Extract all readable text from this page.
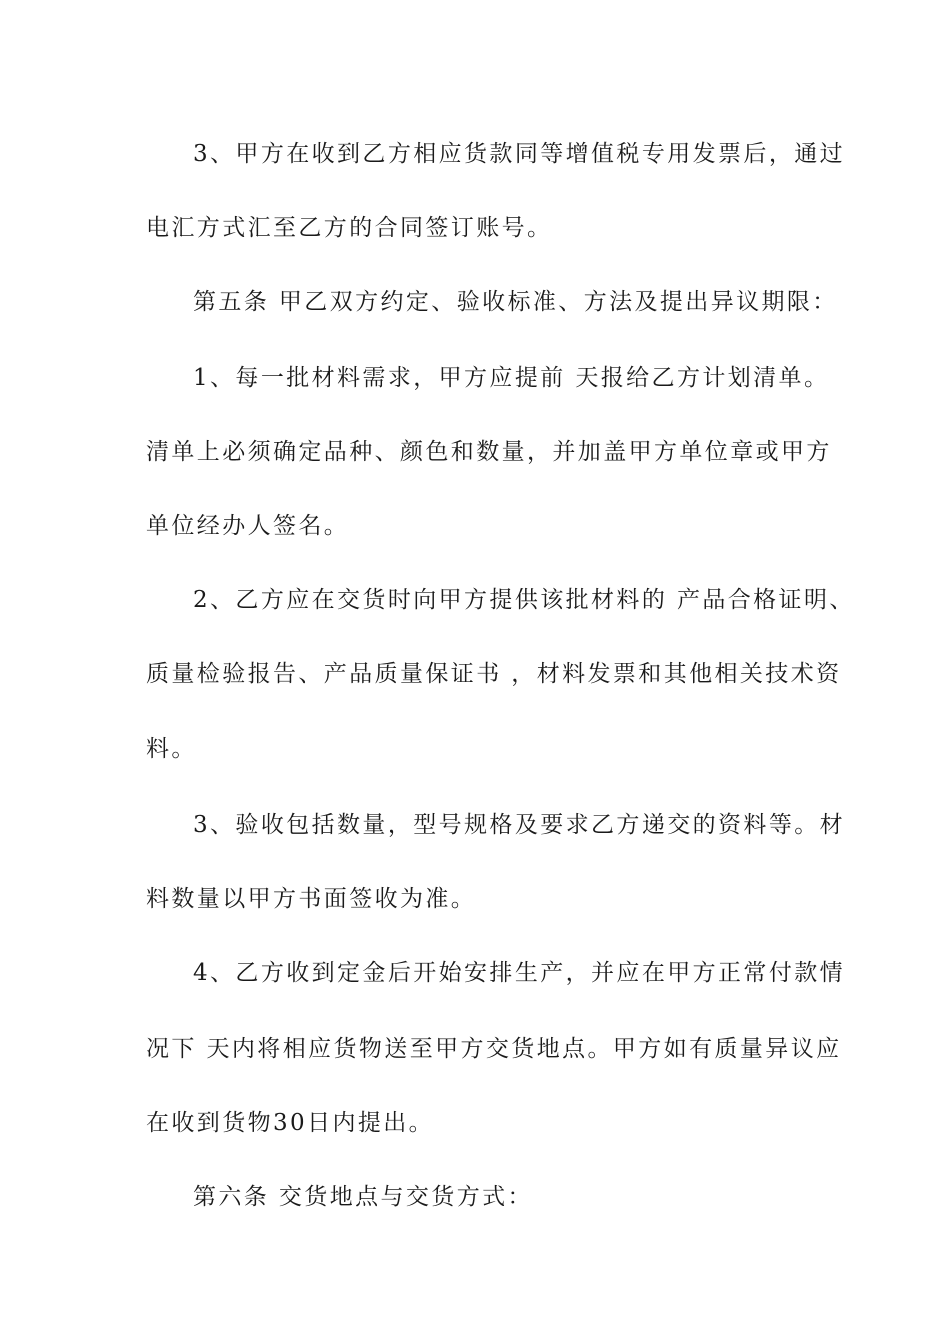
3、甲方在收到乙方相应货款同等增值税专用发票后，通过
电汇方式汇至乙方的合同签订账号。
第五条 甲乙双方约定、验收标准、方法及提出异议期限：
1、每一批材料需求，甲方应提前 天报给乙方计划清单。
清单上必须确定品种、颜色和数量，并加盖甲方单位章或甲方
单位经办人签名。
2、乙方应在交货时向甲方提供该批材料的 产品合格证明、
质量检验报告、产品质量保证书 ，材料发票和其他相关技术资
料。
3、验收包括数量，型号规格及要求乙方递交的资料等。材
料数量以甲方书面签收为准。
4、乙方收到定金后开始安排生产，并应在甲方正常付款情
况下 天内将相应货物送至甲方交货地点。甲方如有质量异议应
在收到货物30日内提出。
第六条 交货地点与交货方式：
